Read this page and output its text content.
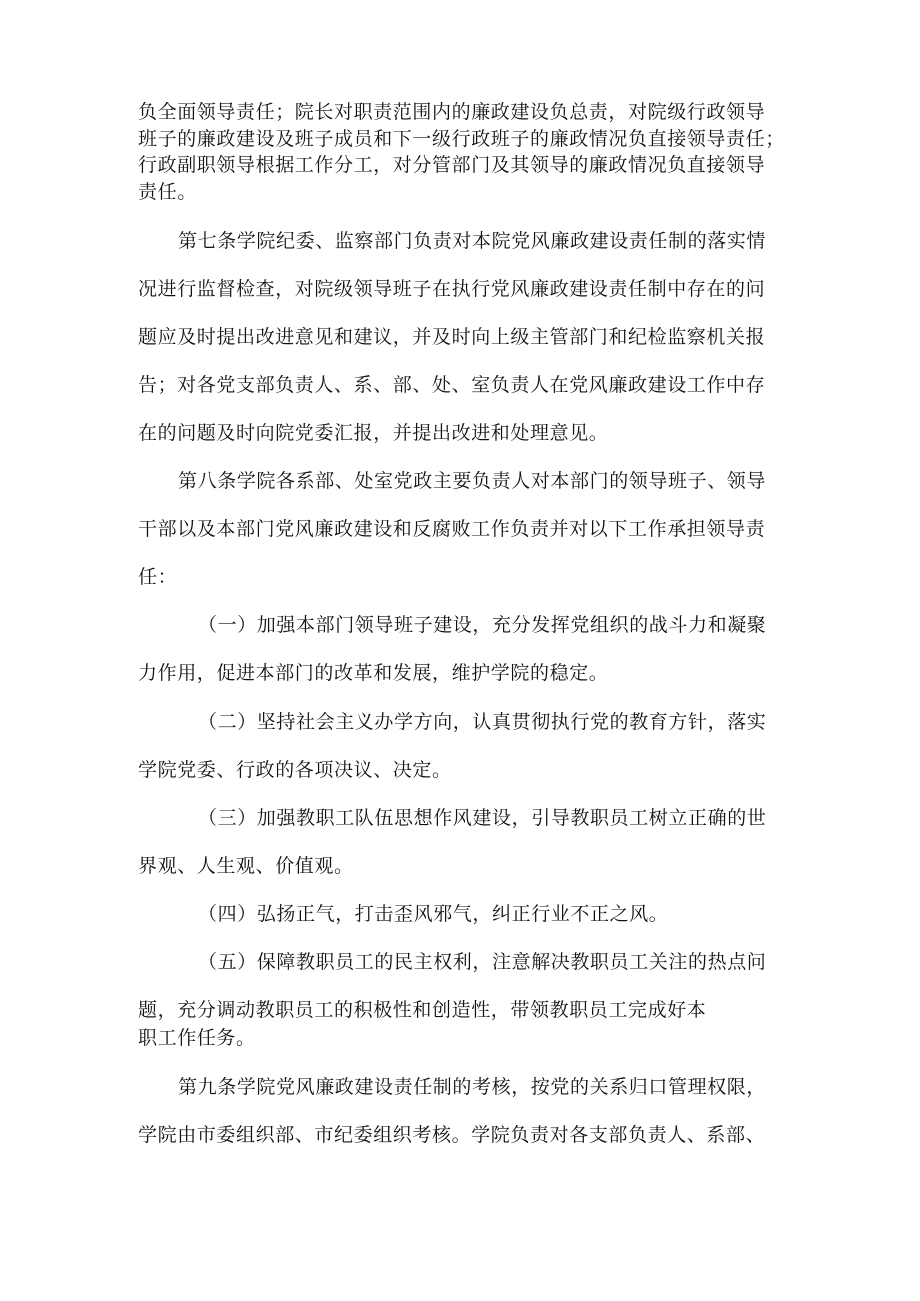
负全面领导责任；院长对职责范围内的廉政建设负总责，对院级行政领导
班子的廉政建设及班子成员和下一级行政班子的廉政情况负直接领导责任；
行政副职领导根据工作分工，对分管部门及其领导的廉政情况负直接领导
责任。
第七条学院纪委、监察部门负责对本院党风廉政建设责任制的落实情
况进行监督检查，对院级领导班子在执行党风廉政建设责任制中存在的问
题应及时提出改进意见和建议，并及时向上级主管部门和纪检监察机关报
告；对各党支部负责人、系、部、处、室负责人在党风廉政建设工作中存
在的问题及时向院党委汇报，并提出改进和处理意见。
第八条学院各系部、处室党政主要负责人对本部门的领导班子、领导
干部以及本部门党风廉政建设和反腐败工作负责并对以下工作承担领导责
任：
（一）加强本部门领导班子建设，充分发挥党组织的战斗力和凝聚
力作用，促进本部门的改革和发展，维护学院的稳定。
（二）坚持社会主义办学方向，认真贯彻执行党的教育方针，落实
学院党委、行政的各项决议、决定。
（三）加强教职工队伍思想作风建设，引导教职员工树立正确的世
界观、人生观、价值观。
（四）弘扬正气，打击歪风邪气，纠正行业不正之风。
（五）保障教职员工的民主权利，注意解决教职员工关注的热点问
题，充分调动教职员工的积极性和创造性，带领教职员工完成好本
职工作任务。
第九条学院党风廉政建设责任制的考核，按党的关系归口管理权限，
学院由市委组织部、市纪委组织考核。学院负责对各支部负责人、系部、
